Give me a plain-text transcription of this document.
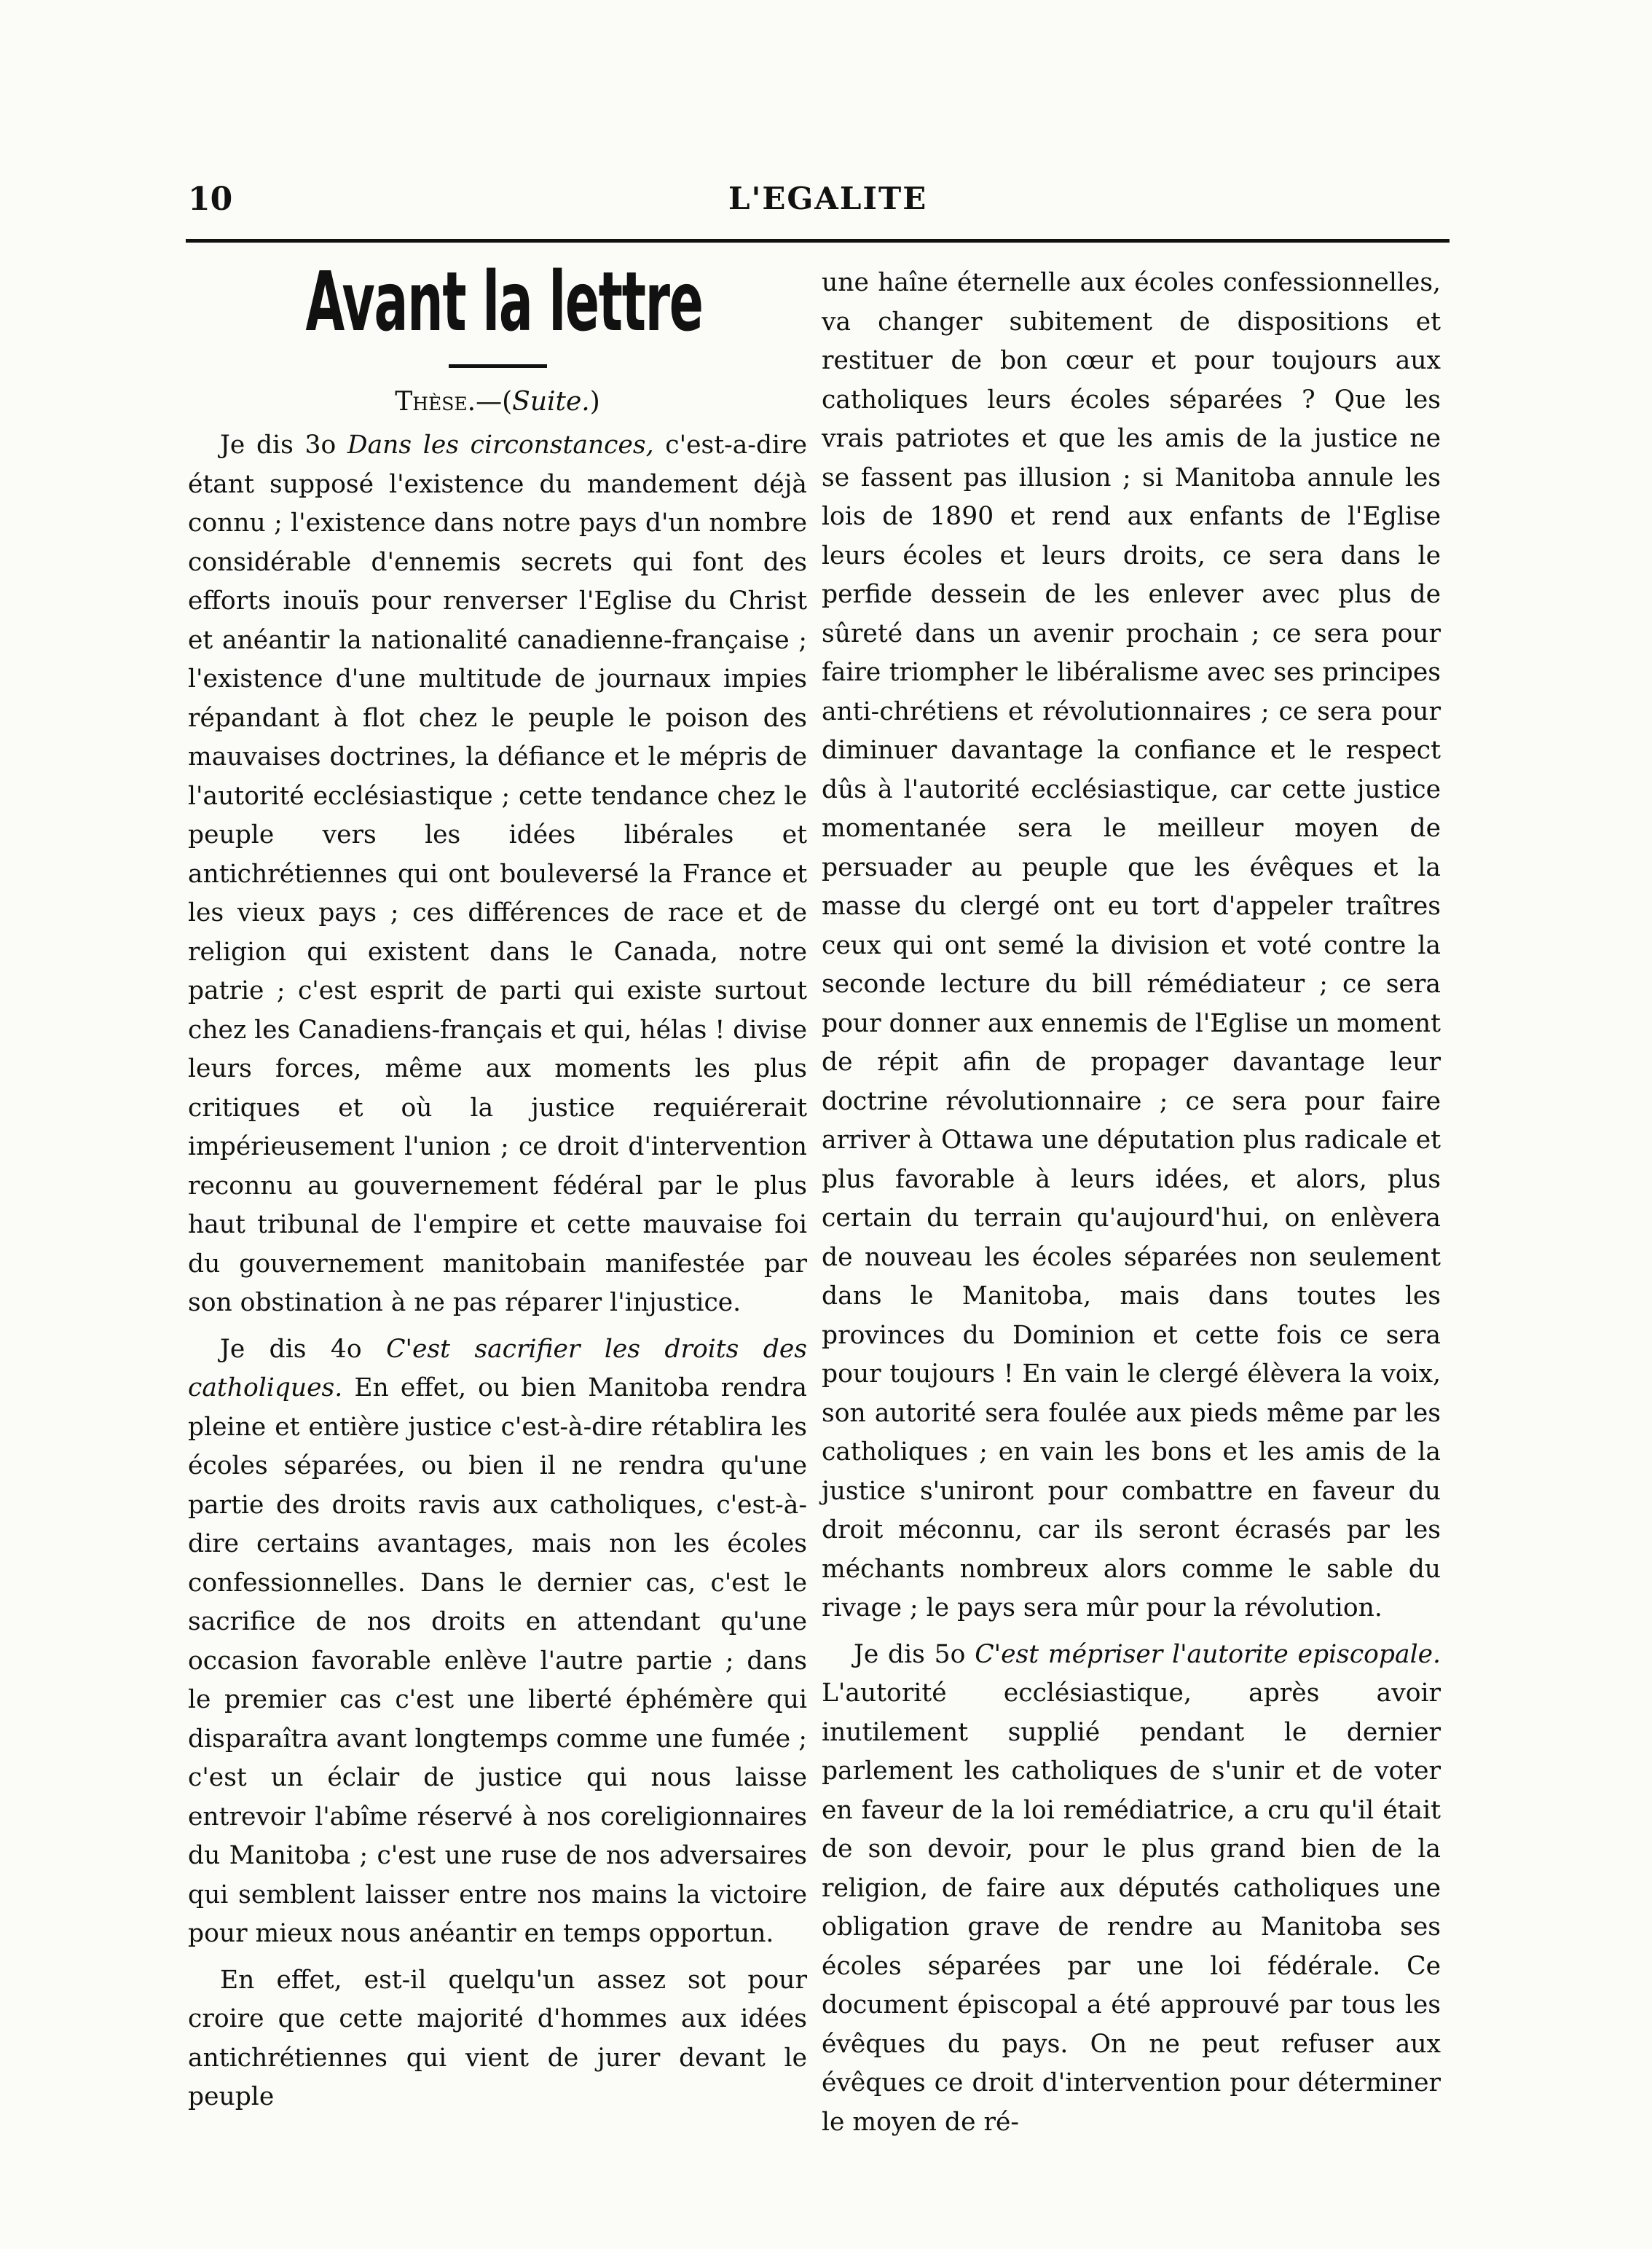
10	L'EGALITE
Avant la lettre
Thèse.—(Suite.)

Je dis 3o Dans les circonstances, c'est-a-dire étant supposé l'existence du mandement déjà connu ; l'existence dans notre pays d'un nombre considérable d'ennemis secrets qui font des efforts inouïs pour renverser l'Eglise du Christ et anéantir la nationalité canadienne-française ; l'existence d'une multitude de journaux impies répandant à flot chez le peuple le poison des mauvaises doctrines, la défiance et le mépris de l'autorité ecclésiastique ; cette tendance chez le peuple vers les idées libérales et antichrétiennes qui ont bouleversé la France et les vieux pays ; ces différences de race et de religion qui existent dans le Canada, notre patrie ; c'est esprit de parti qui existe surtout chez les Canadiens-français et qui, hélas ! divise leurs forces, même aux moments les plus critiques et où la justice requiérerait impérieusement l'union ; ce droit d'intervention reconnu au gouvernement fédéral par le plus haut tribunal de l'empire et cette mauvaise foi du gouvernement manitobain manifestée par son obstination à ne pas réparer l'injustice.

Je dis 4o C'est sacrifier les droits des catholiques. En effet, ou bien Manitoba rendra pleine et entière justice c'est-à-dire rétablira les écoles séparées, ou bien il ne rendra qu'une partie des droits ravis aux catholiques, c'est-à-dire certains avantages, mais non les écoles confessionnelles. Dans le dernier cas, c'est le sacrifice de nos droits en attendant qu'une occasion favorable enlève l'autre partie ; dans le premier cas c'est une liberté éphémère qui disparaîtra avant longtemps comme une fumée ; c'est un éclair de justice qui nous laisse entrevoir l'abîme réservé à nos coreligionnaires du Manitoba ; c'est une ruse de nos adversaires qui semblent laisser entre nos mains la victoire pour mieux nous anéantir en temps opportun.

En effet, est-il quelqu'un assez sot pour croire que cette majorité d'hommes aux idées antichrétiennes qui vient de jurer devant le peuple

une haîne éternelle aux écoles confessionnelles, va changer subitement de dispositions et restituer de bon cœur et pour toujours aux catholiques leurs écoles séparées ? Que les vrais patriotes et que les amis de la justice ne se fassent pas illusion ; si Manitoba annule les lois de 1890 et rend aux enfants de l'Eglise leurs écoles et leurs droits, ce sera dans le perfide dessein de les enlever avec plus de sûreté dans un avenir prochain ; ce sera pour faire triompher le libéralisme avec ses principes anti-chrétiens et révolutionnaires ; ce sera pour diminuer davantage la confiance et le respect dûs à l'autorité ecclésiastique, car cette justice momentanée sera le meilleur moyen de persuader au peuple que les évêques et la masse du clergé ont eu tort d'appeler traîtres ceux qui ont semé la division et voté contre la seconde lecture du bill rémédiateur ; ce sera pour donner aux ennemis de l'Eglise un moment de répit afin de propager davantage leur doctrine révolutionnaire ; ce sera pour faire arriver à Ottawa une députation plus radicale et plus favorable à leurs idées, et alors, plus certain du terrain qu'aujourd'hui, on enlèvera de nouveau les écoles séparées non seulement dans le Manitoba, mais dans toutes les provinces du Dominion et cette fois ce sera pour toujours ! En vain le clergé élèvera la voix, son autorité sera foulée aux pieds même par les catholiques ; en vain les bons et les amis de la justice s'uniront pour combattre en faveur du droit méconnu, car ils seront écrasés par les méchants nombreux alors comme le sable du rivage ; le pays sera mûr pour la révolution.

Je dis 5o C'est mépriser l'autorite episcopale. L'autorité ecclésiastique, après avoir inutilement supplié pendant le dernier parlement les catholiques de s'unir et de voter en faveur de la loi remédiatrice, a cru qu'il était de son devoir, pour le plus grand bien de la religion, de faire aux députés catholiques une obligation grave de rendre au Manitoba ses écoles séparées par une loi fédérale. Ce document épiscopal a été approuvé par tous les évêques du pays. On ne peut refuser aux évêques ce droit d'intervention pour déterminer le moyen de ré-
